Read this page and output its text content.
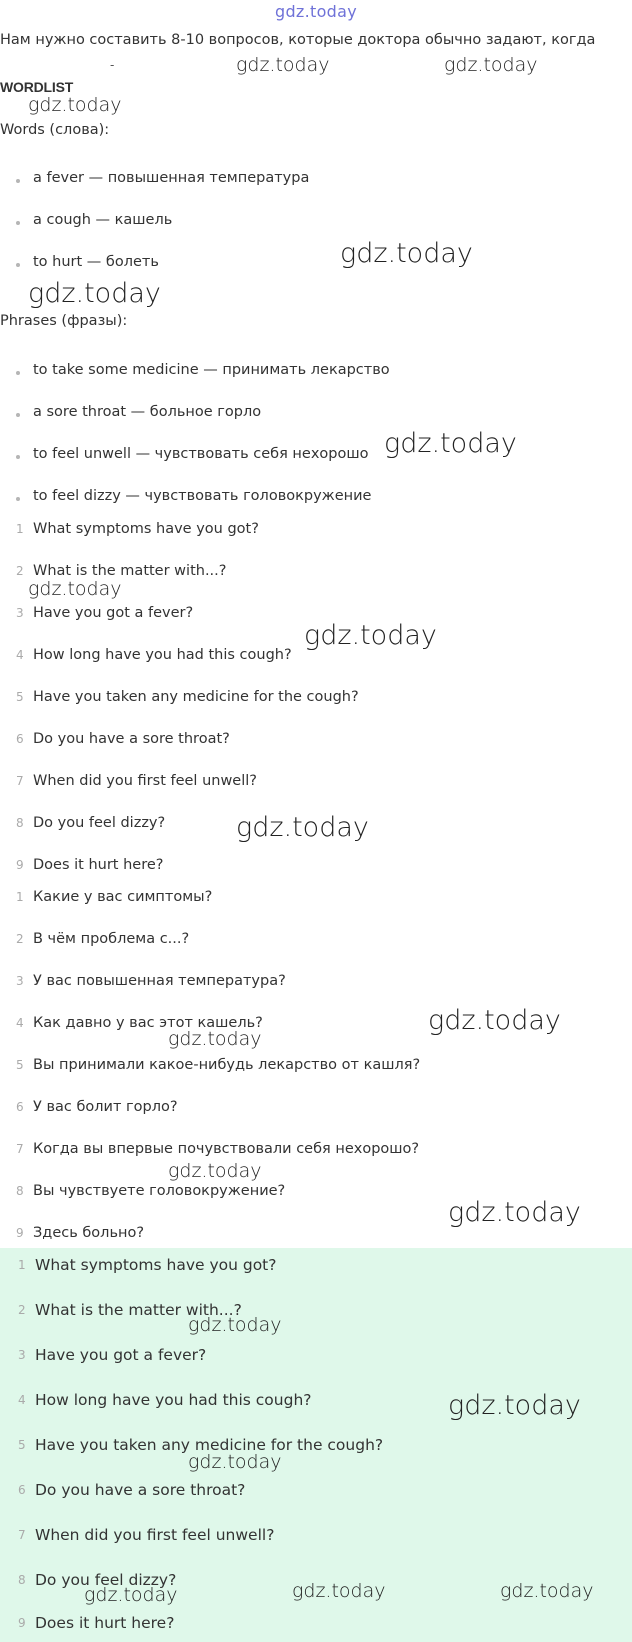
gdz.today
Нам нужно составить 8-10 вопросов, которые доктора обычно задают, когда
-
WORDLIST
Words (слова):
a fever — повышенная температура
a cough — кашель
to hurt — болеть
Phrases (фразы):
to take some medicine — принимать лекарство
a sore throat — больное горло
to feel unwell — чувствовать себя нехорошо
to feel dizzy — чувствовать головокружение
1 What symptoms have you got?
2 What is the matter with...?
3 Have you got a fever?
4 How long have you had this cough?
5 Have you taken any medicine for the cough?
6 Do you have a sore throat?
7 When did you first feel unwell?
8 Do you feel dizzy?
9 Does it hurt here?
1 Какие у вас симптомы?
2 В чём проблема с...?
3 У вас повышенная температура?
4 Как давно у вас этот кашель?
5 Вы принимали какое-нибудь лекарство от кашля?
6 У вас болит горло?
7 Когда вы впервые почувствовали себя нехорошо?
8 Вы чувствуете головокружение?
9 Здесь больно?
1 What symptoms have you got?
2 What is the matter with...?
3 Have you got a fever?
4 How long have you had this cough?
5 Have you taken any medicine for the cough?
6 Do you have a sore throat?
7 When did you first feel unwell?
8 Do you feel dizzy?
9 Does it hurt here?
gdz.today	gdz.today
gdz.today
gdz.today
gdz.today
gdz.today
gdz.today
gdz.today
gdz.today
gdz.today
gdz.today
gdz.today
gdz.today
gdz.today
gdz.today
gdz.today
gdz.today	gdz.today	gdz.today
